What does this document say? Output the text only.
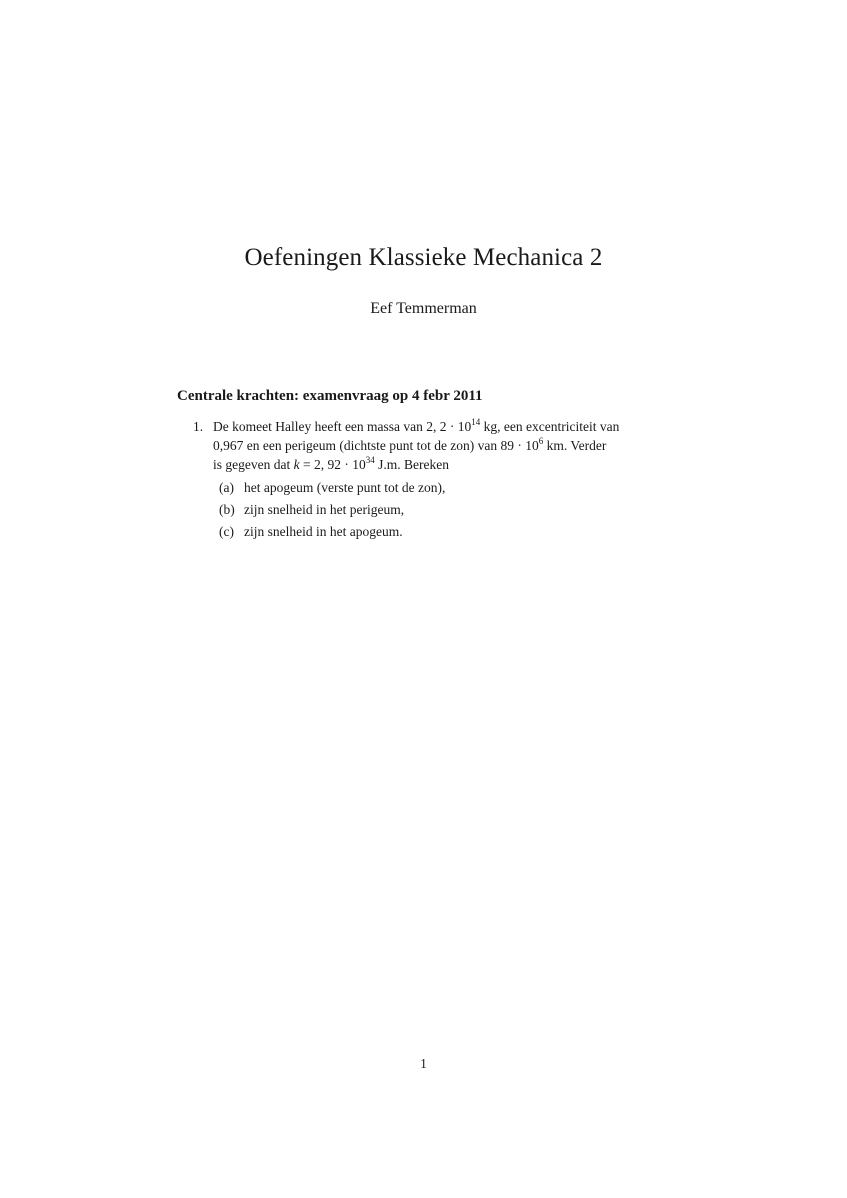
Oefeningen Klassieke Mechanica 2
Eef Temmerman
Centrale krachten: examenvraag op 4 febr 2011
1. De komeet Halley heeft een massa van 2, $2 \cdot 10^{14}$ kg, een excentriciteit van
0,967 en een perigeum (dichtste punt tot de zon) van $89 \cdot 10^6$ km. Verder
is gegeven dat k = 2, $92 \cdot 10^{34}$ J.m. Bereken
(a) het apogeum (verste punt tot de zon),
(b) zijn snelheid in het perigeum,
(c) zijn snelheid in het apogeum.
1
